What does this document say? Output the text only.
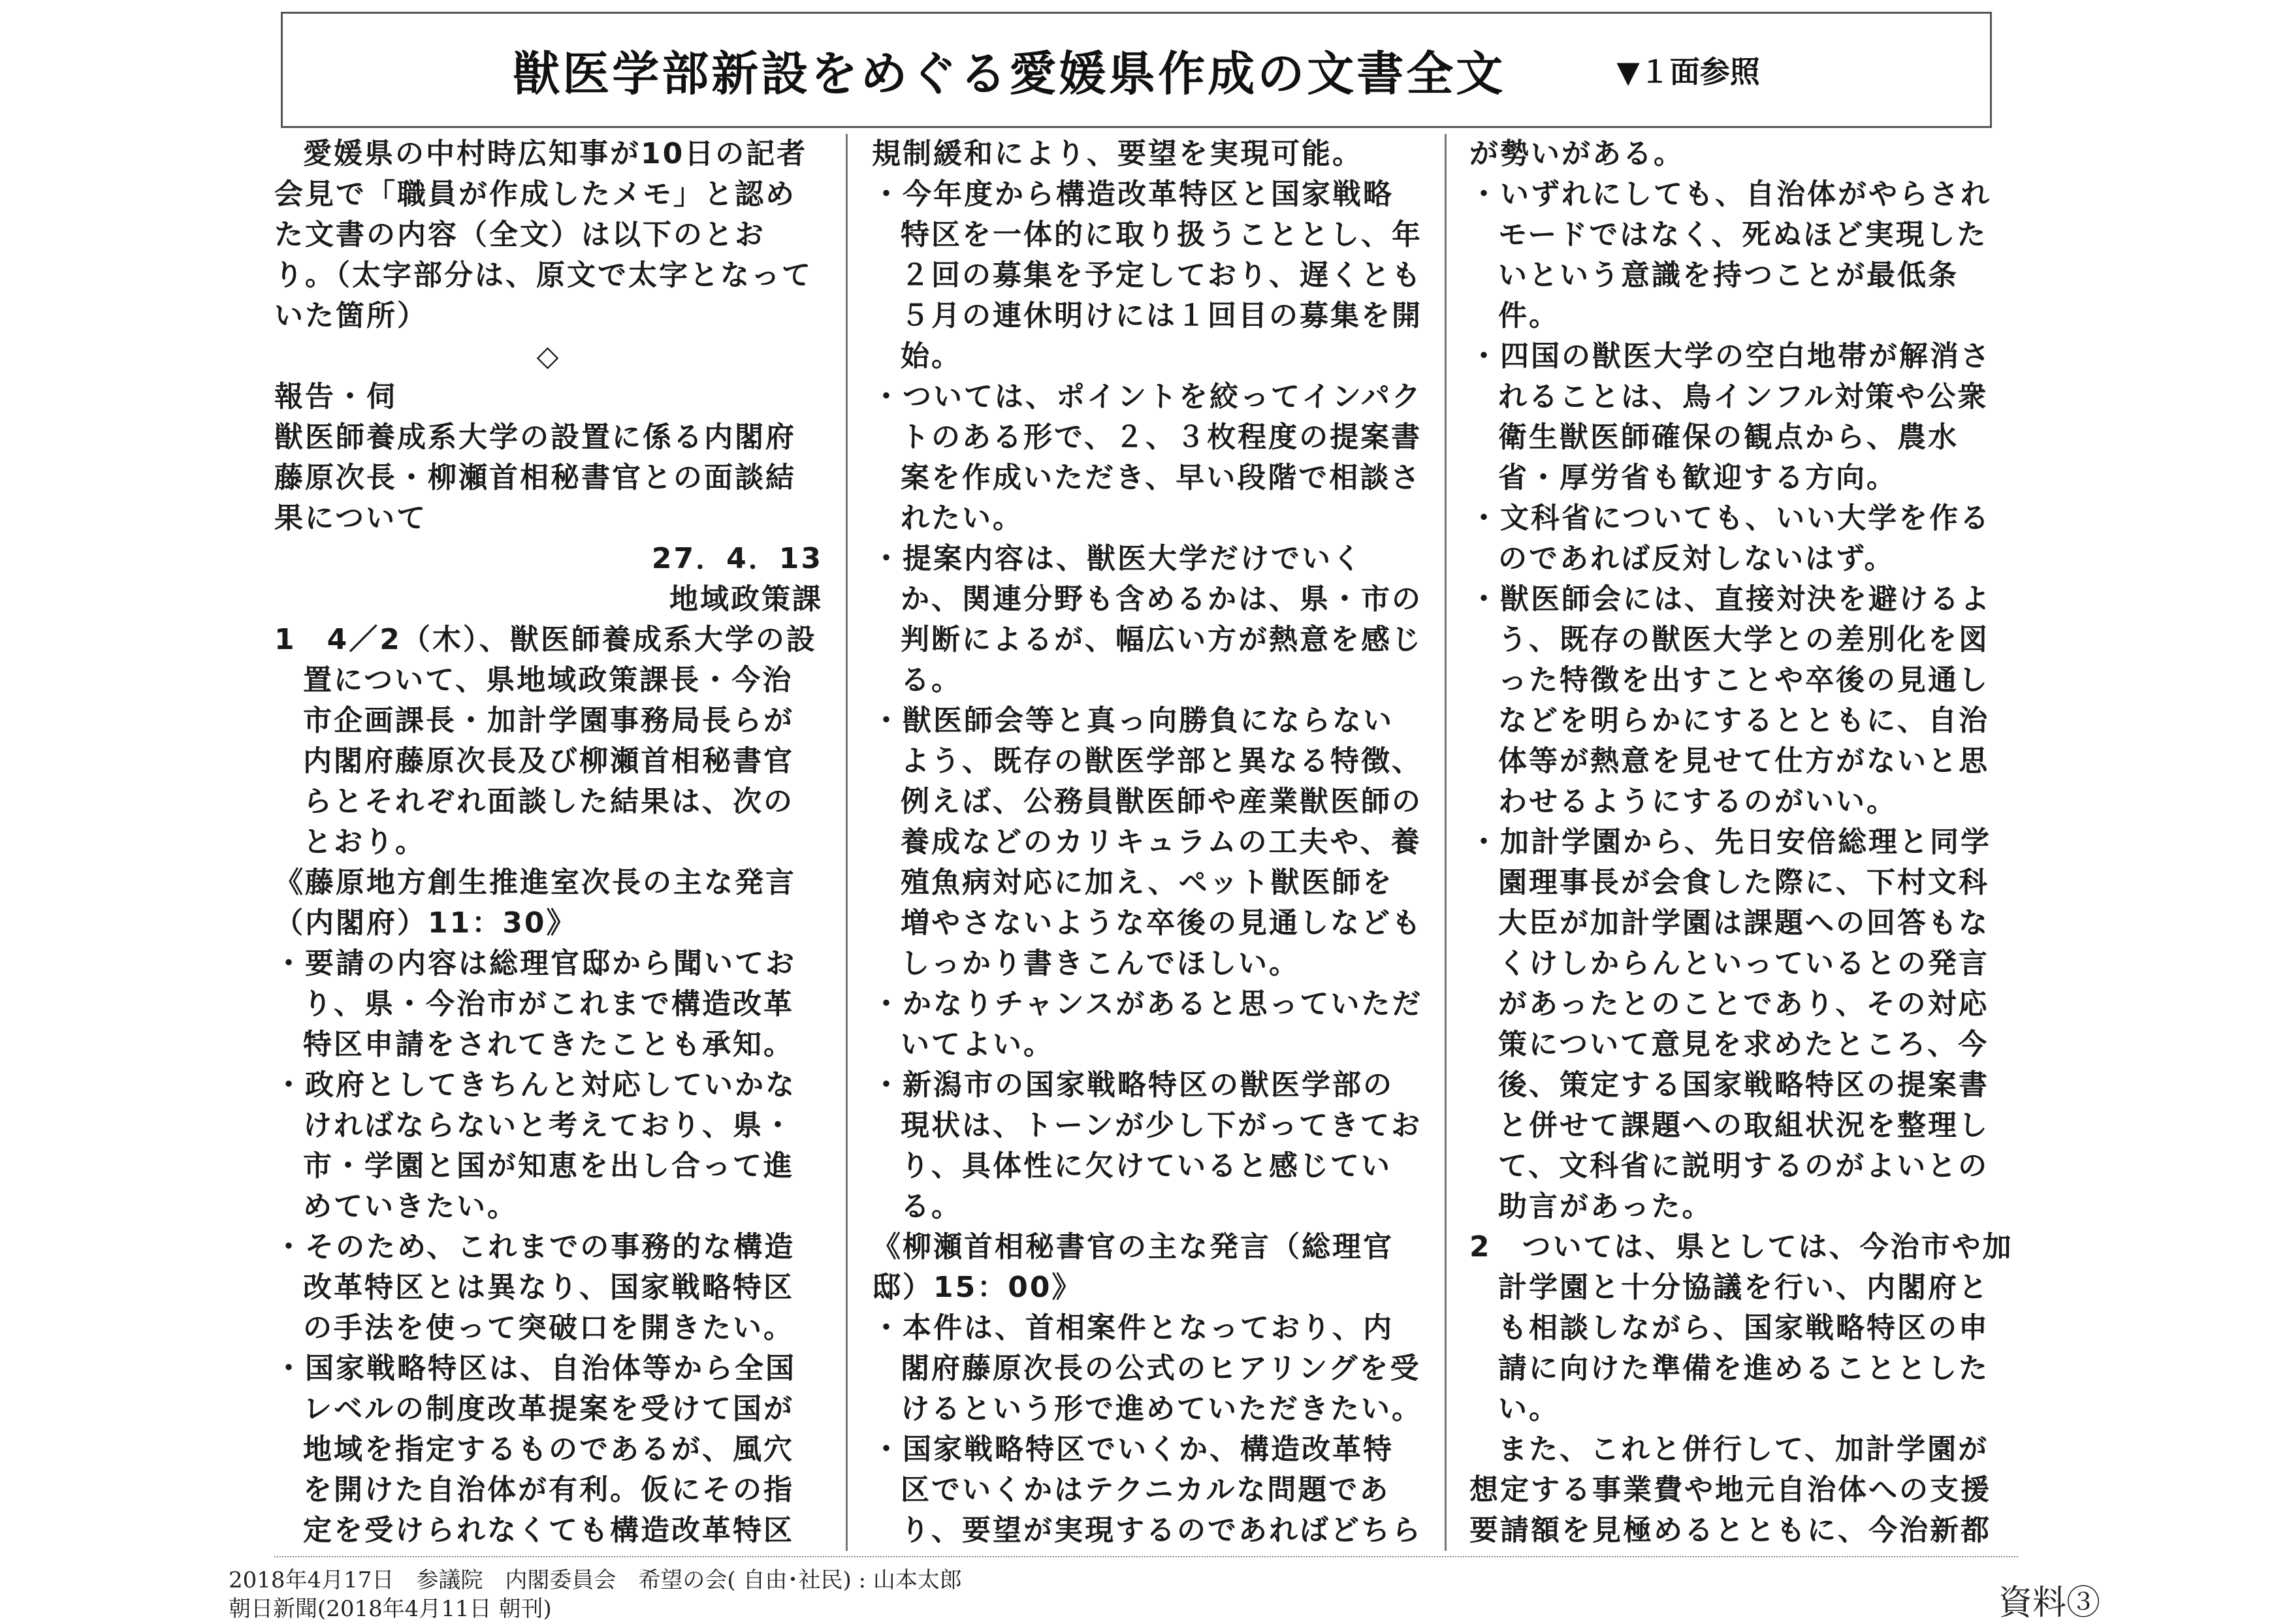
獣医学部新設をめぐる愛媛県作成の文書全文	▼１面参照

愛媛県の中村時広知事が10日の記者会見で「職員が作成したメモ」と認めた文書の内容（全文）は以下のとおり。（太字部分は、原文で太字となっていた箇所）

◇

報告・伺

獣医師養成系大学の設置に係る内閣府藤原次長・柳瀬首相秘書官との面談結果について

27．4．13

地域政策課

1　4／2（木）、獣医師養成系大学の設置について、県地域政策課長・今治市企画課長・加計学園事務局長らが内閣府藤原次長及び柳瀬首相秘書官らとそれぞれ面談した結果は、次のとおり。

《藤原地方創生推進室次長の主な発言（内閣府）11：30》

・ 要請の内容は総理官邸から聞いており、県・今治市がこれまで構造改革特区申請をされてきたことも承知。

・ 政府としてきちんと対応していかなければならないと考えており、県・市・学園と国が知恵を出し合って進めていきたい。

・ そのため、これまでの事務的な構造改革特区とは異なり、国家戦略特区の手法を使って突破口を開きたい。

・ 国家戦略特区は、自治体等から全国レベルの制度改革提案を受けて国が地域を指定するものであるが、風穴を開けた自治体が有利。仮にその指定を受けられなくても構造改革特区

規制緩和により、要望を実現可能。

・ 今年度から構造改革特区と国家戦略特区を一体的に取り扱うこととし、年２回の募集を予定しており、遅くとも５月の連休明けには１回目の募集を開始。

・ ついては、ポイントを絞ってインパクトのある形で、２、３枚程度の提案書案を作成いただき、早い段階で相談されたい。

・ 提案内容は、獣医大学だけでいくか、関連分野も含めるかは、県・市の判断によるが、幅広い方が熱意を感じる。

・ 獣医師会等と真っ向勝負にならないよう、既存の獣医学部と異なる特徴、例えば、公務員獣医師や産業獣医師の養成などのカリキュラムの工夫や、養殖魚病対応に加え、ペット獣医師を増やさないような卒後の見通しなどもしっかり書きこんでほしい。

・ かなりチャンスがあると思っていただいてよい。

・ 新潟市の国家戦略特区の獣医学部の現状は、トーンが少し下がってきており、具体性に欠けていると感じている。

《柳瀬首相秘書官の主な発言（総理官邸）15：00》

・ 本件は、首相案件となっており、内閣府藤原次長の公式のヒアリングを受けるという形で進めていただきたい。

・ 国家戦略特区でいくか、構造改革特区でいくかはテクニカルな問題であり、要望が実現するのであればどちら

が勢いがある。

・ いずれにしても、自治体がやらされモードではなく、死ぬほど実現したいという意識を持つことが最低条件。

・ 四国の獣医大学の空白地帯が解消されることは、鳥インフル対策や公衆衛生獣医師確保の観点から、農水省・厚労省も歓迎する方向。

・ 文科省についても、いい大学を作るのであれば反対しないはず。

・ 獣医師会には、直接対決を避けるよう、既存の獣医大学との差別化を図った特徴を出すことや卒後の見通しなどを明らかにするとともに、自治体等が熱意を見せて仕方がないと思わせるようにするのがいい。

・ 加計学園から、先日安倍総理と同学園理事長が会食した際に、下村文科大臣が加計学園は課題への回答もなくけしからんといっているとの発言があったとのことであり、その対応策について意見を求めたところ、今後、策定する国家戦略特区の提案書と併せて課題への取組状況を整理して、文科省に説明するのがよいとの助言があった。

2　ついては、県としては、今治市や加計学園と十分協議を行い、内閣府とも相談しながら、国家戦略特区の申請に向けた準備を進めることとしたい。

また、これと併行して、加計学園が想定する事業費や地元自治体への支援要請額を見極めるとともに、今治新都

2018年4月17日　参議院　内閣委員会　希望の会( 自由･社民) : 山本太郎
朝日新聞(2018年4月11日 朝刊)	資料③
